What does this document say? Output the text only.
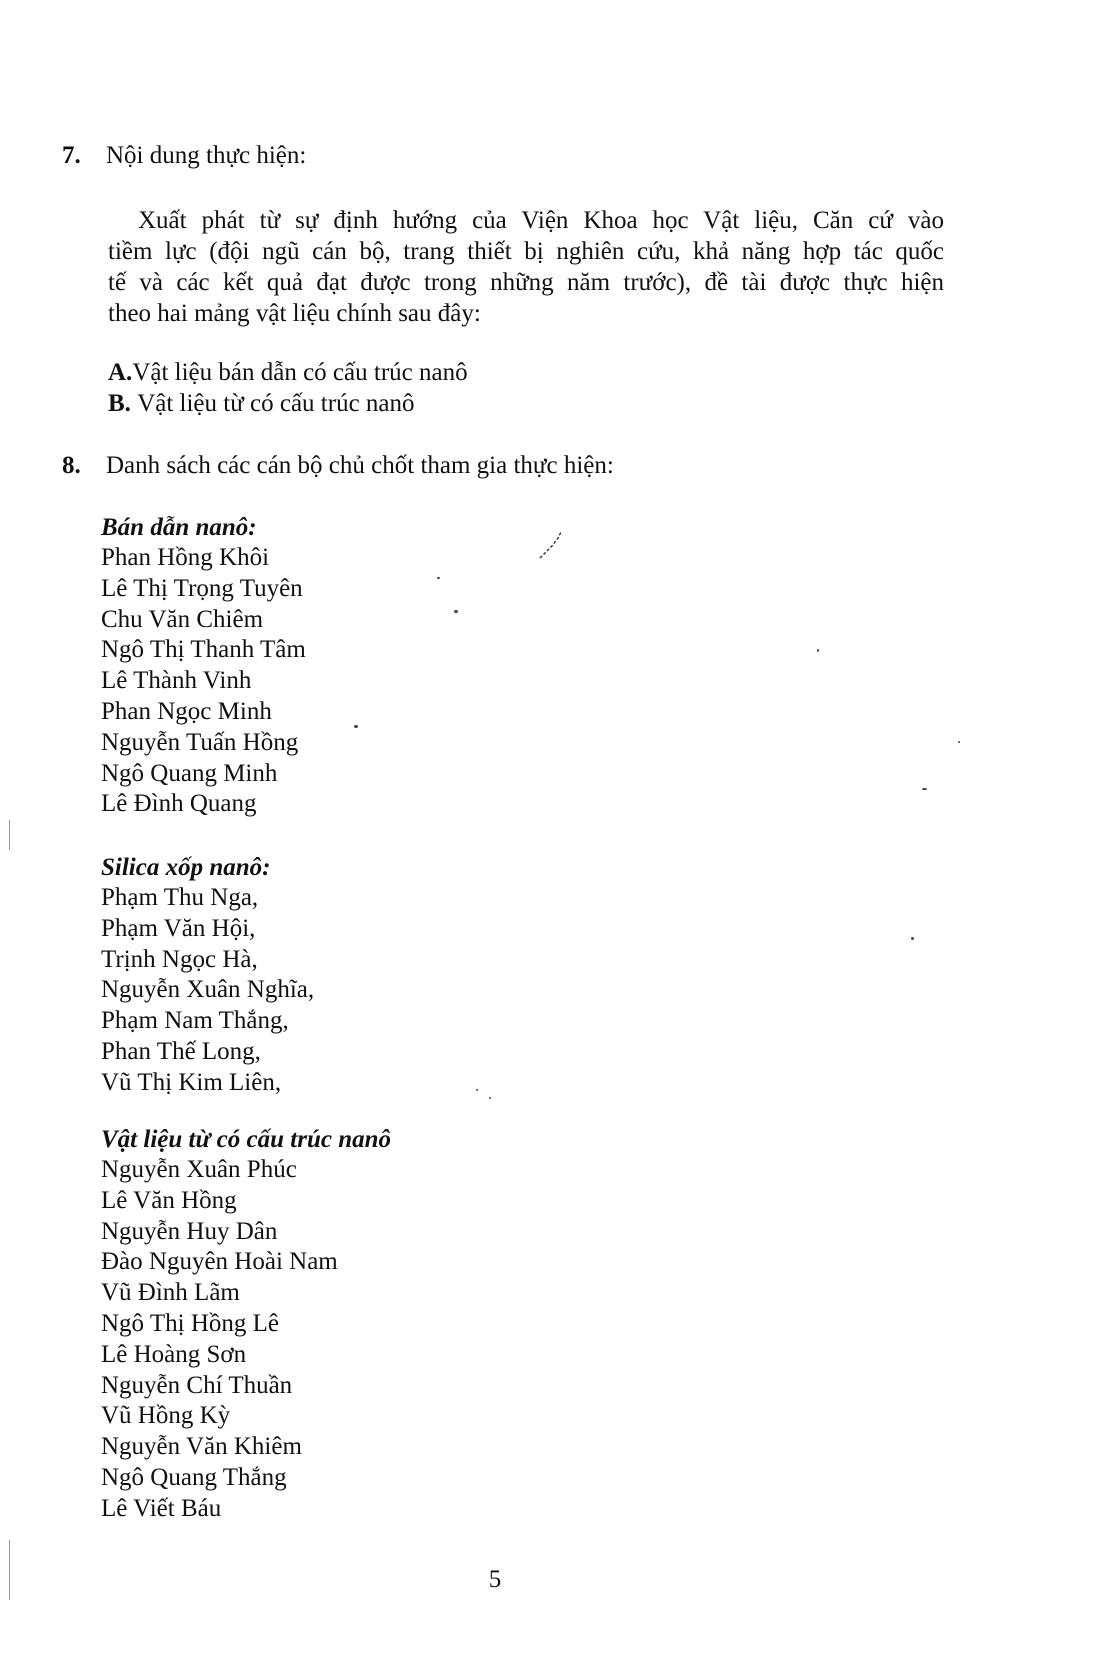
7. Nội dung thực hiện:
Xuất phát từ sự định hướng của Viện Khoa học Vật liệu, Căn cứ vào
tiềm lực (đội ngũ cán bộ, trang thiết bị nghiên cứu, khả năng hợp tác quốc
tế và các kết quả đạt được trong những năm trước), đề tài được thực hiện
theo hai mảng vật liệu chính sau đây:
A.Vật liệu bán dẫn có cấu trúc nanô
B. Vật liệu từ có cấu trúc nanô
8. Danh sách các cán bộ chủ chốt tham gia thực hiện:
Bán dẫn nanô:
Phan Hồng Khôi
Lê Thị Trọng Tuyên
Chu Văn Chiêm
Ngô Thị Thanh Tâm
Lê Thành Vinh
Phan Ngọc Minh
Nguyễn Tuấn Hồng
Ngô Quang Minh
Lê Đình Quang
Silica xốp nanô:
Phạm Thu Nga,
Phạm Văn Hội,
Trịnh Ngọc Hà,
Nguyễn Xuân Nghĩa,
Phạm Nam Thắng,
Phan Thế Long,
Vũ Thị Kim Liên,
Vật liệu từ có cấu trúc nanô
Nguyễn Xuân Phúc
Lê Văn Hồng
Nguyễn Huy Dân
Đào Nguyên Hoài Nam
Vũ Đình Lãm
Ngô Thị Hồng Lê
Lê Hoàng Sơn
Nguyễn Chí Thuần
Vũ Hồng Kỳ
Nguyễn Văn Khiêm
Ngô Quang Thắng
Lê Viết Báu
5
